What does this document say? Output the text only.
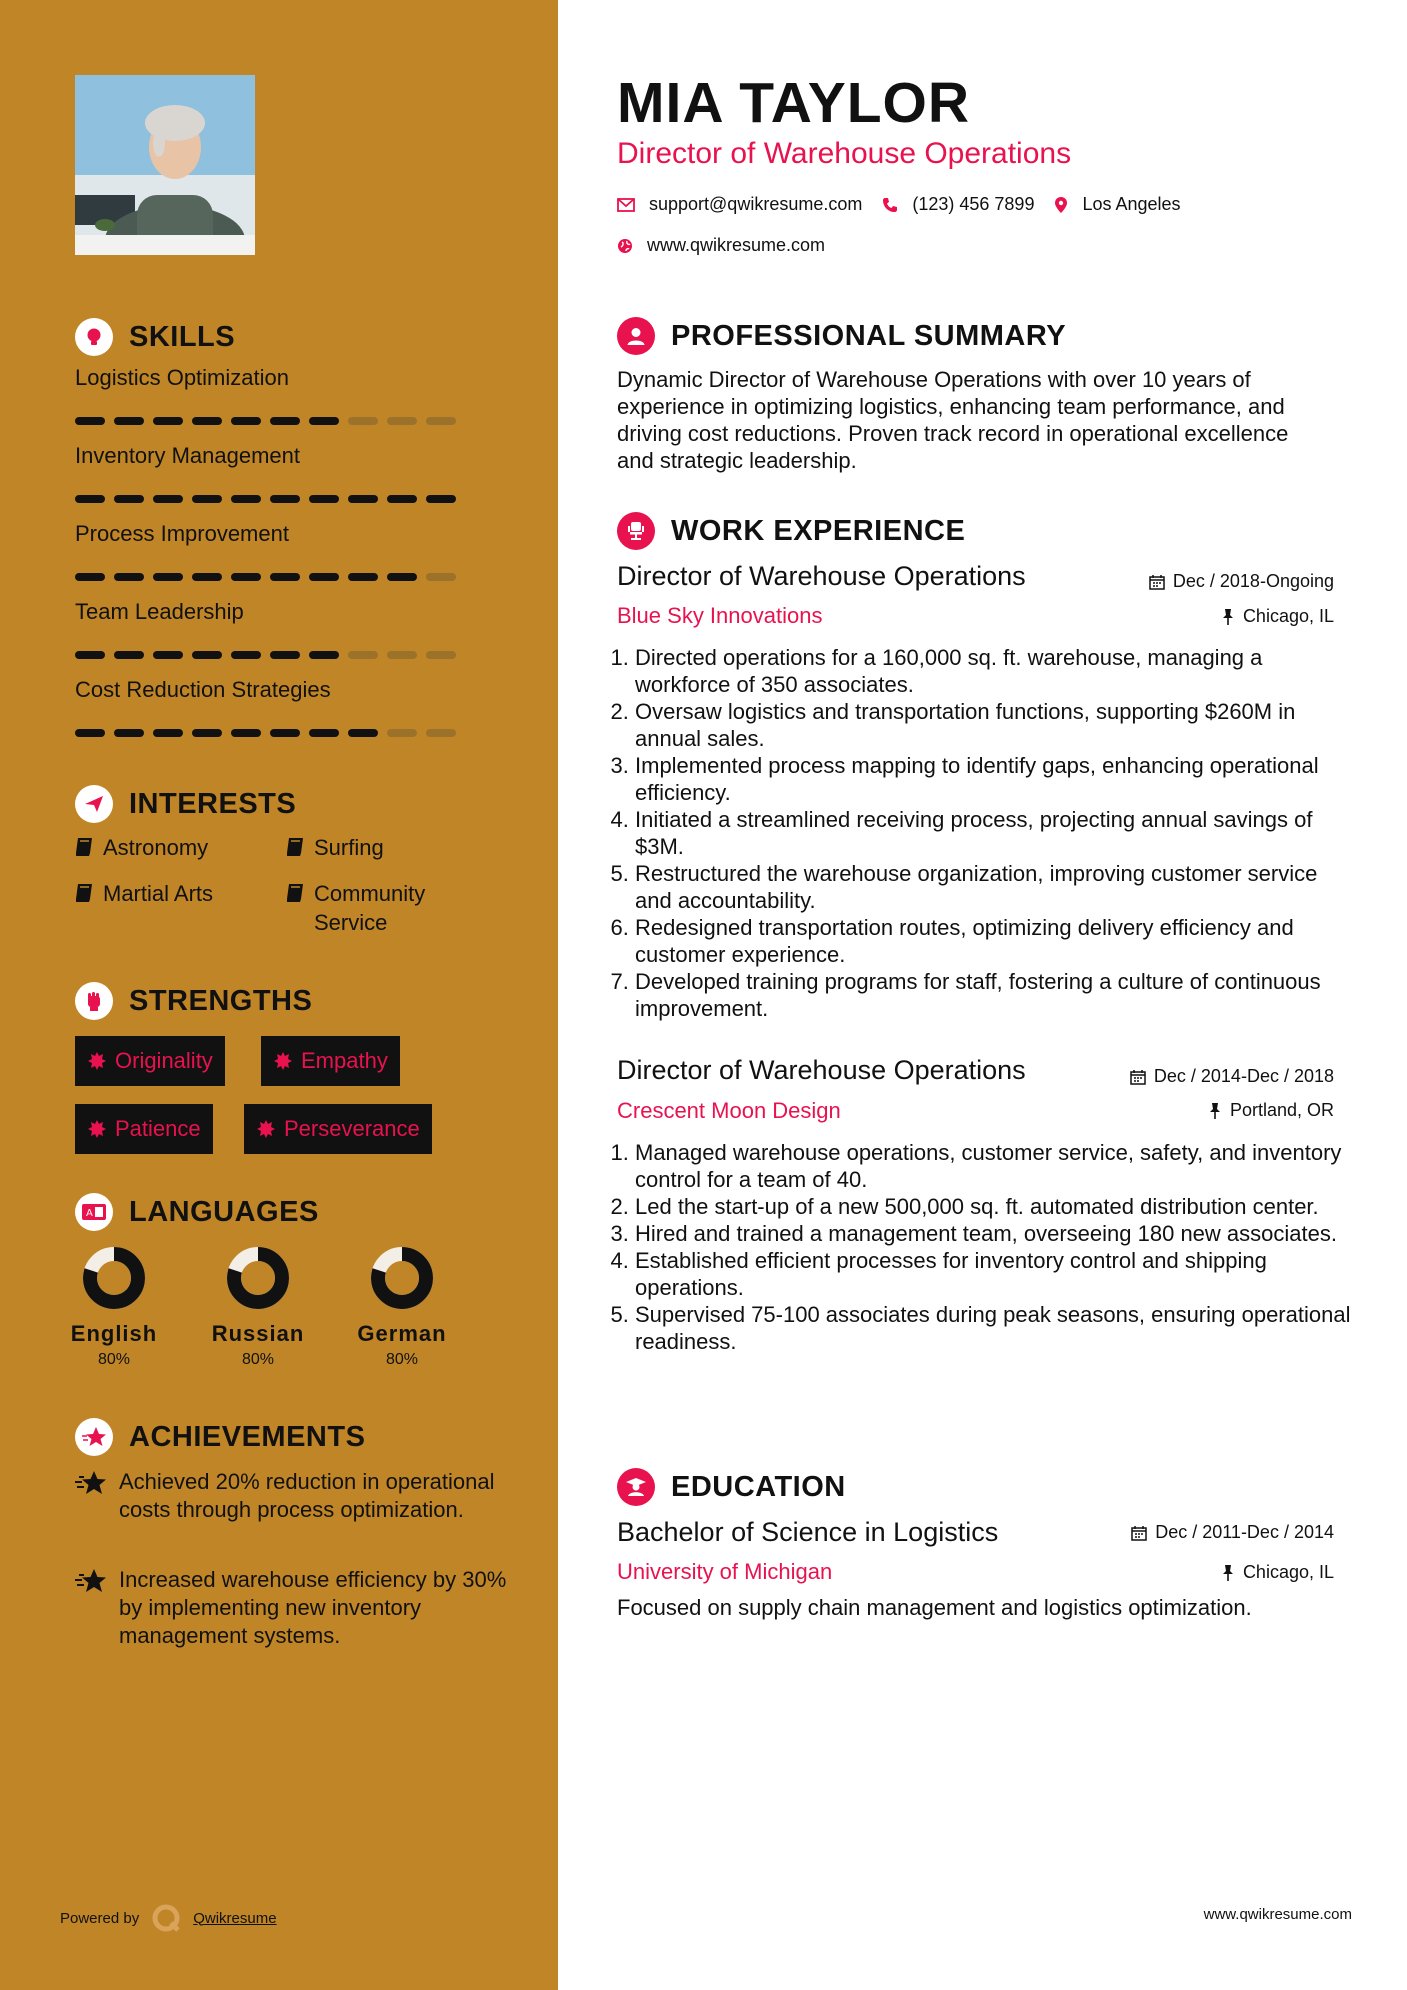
SKILLS
Logistics Optimization
Inventory Management
Process Improvement
Team Leadership
Cost Reduction Strategies
INTERESTS
Astronomy	Surfing
Martial Arts	Community Service
STRENGTHS
Originality	Empathy
Patience	Perseverance
A LANGUAGES
English
80%
Russian
80%
German
80%
ACHIEVEMENTS
Achieved 20% reduction in operational costs through process optimization.
Increased warehouse efficiency by 30% by implementing new inventory management systems.
Powered by	Qwikresume
MIA TAYLOR
Director of Warehouse Operations
support@qwikresume.com	(123) 456 7899	Los Angeles
www.qwikresume.com
PROFESSIONAL SUMMARY
Dynamic Director of Warehouse Operations with over 10 years of experience in optimizing logistics, enhancing team performance, and driving cost reductions. Proven track record in operational excellence and strategic leadership.
WORK EXPERIENCE
Director of Warehouse Operations	Dec / 2018-Ongoing
Blue Sky Innovations	Chicago, IL
1. Directed operations for a 160,000 sq. ft. warehouse, managing a workforce of 350 associates.
2. Oversaw logistics and transportation functions, supporting $260M in annual sales.
3. Implemented process mapping to identify gaps, enhancing operational efficiency.
4. Initiated a streamlined receiving process, projecting annual savings of $3M.
5. Restructured the warehouse organization, improving customer service and accountability.
6. Redesigned transportation routes, optimizing delivery efficiency and customer experience.
7. Developed training programs for staff, fostering a culture of continuous improvement.
Director of Warehouse Operations	Dec / 2014-Dec / 2018
Crescent Moon Design	Portland, OR
1. Managed warehouse operations, customer service, safety, and inventory control for a team of 40.
2. Led the start-up of a new 500,000 sq. ft. automated distribution center.
3. Hired and trained a management team, overseeing 180 new associates.
4. Established efficient processes for inventory control and shipping operations.
5. Supervised 75-100 associates during peak seasons, ensuring operational readiness.
EDUCATION
Bachelor of Science in Logistics	Dec / 2011-Dec / 2014
University of Michigan	Chicago, IL
Focused on supply chain management and logistics optimization.
www.qwikresume.com
